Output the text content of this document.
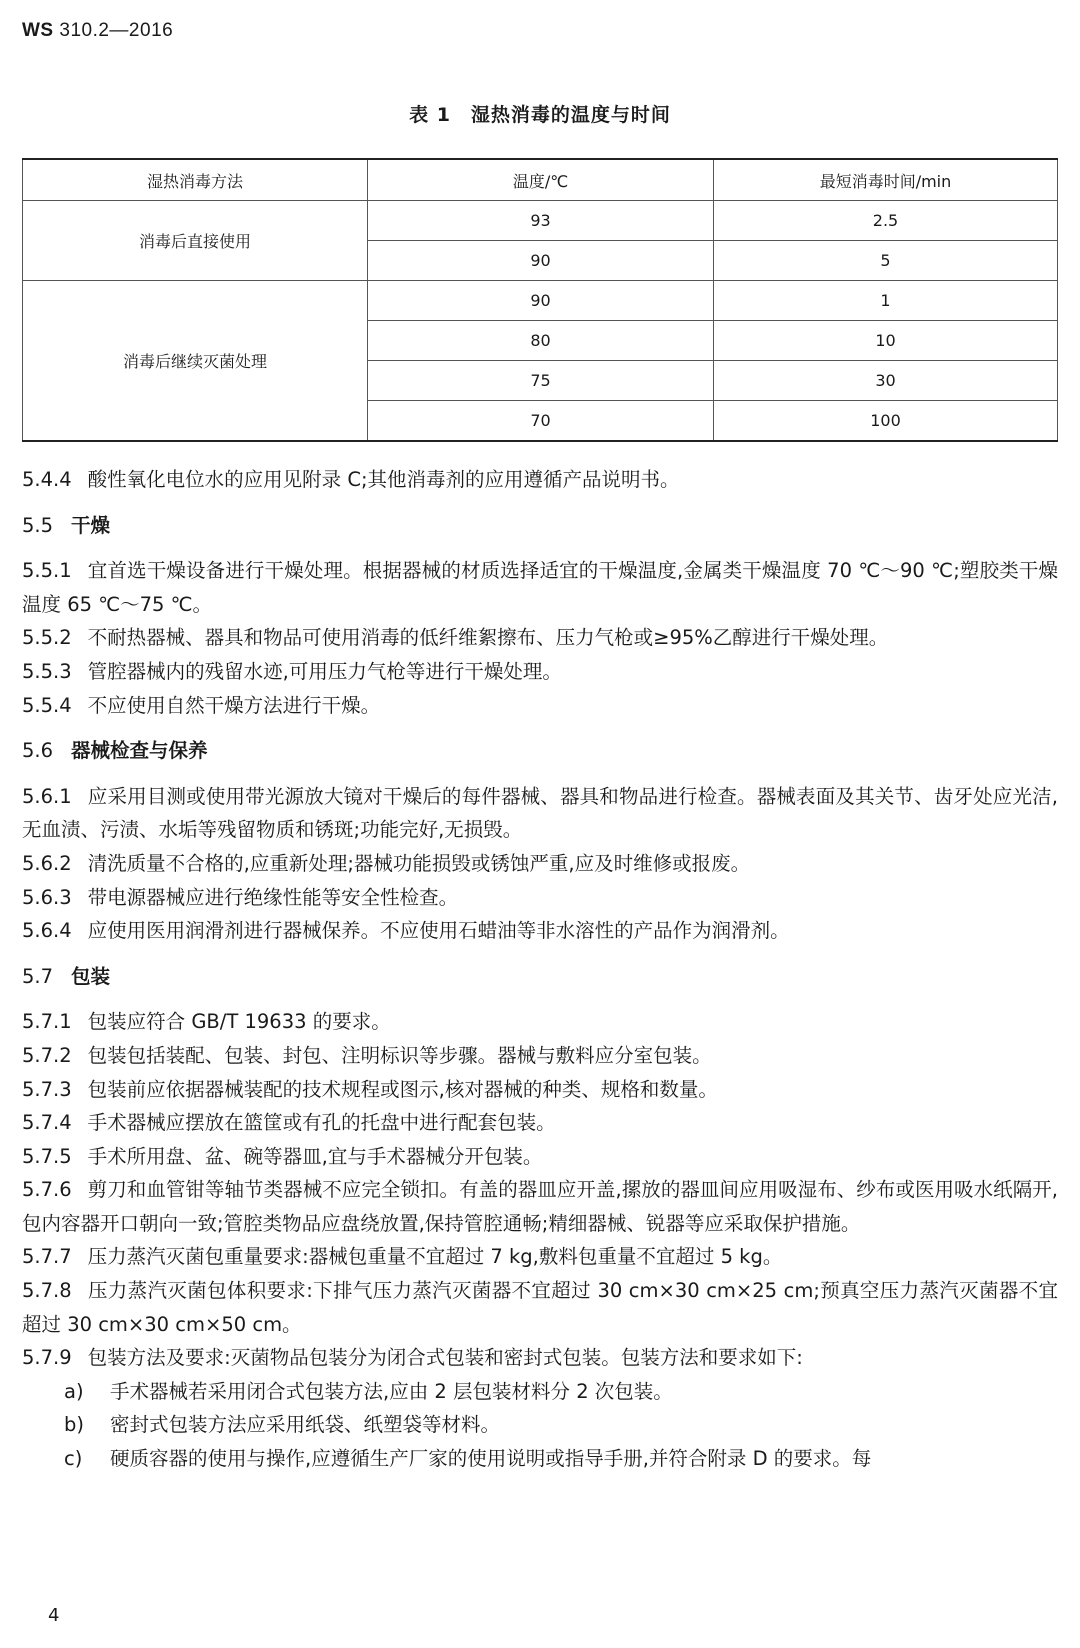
WS 310.2—2016
表 1　湿热消毒的温度与时间
湿热消毒方法	温度/℃	最短消毒时间/min
消毒后直接使用	93	2.5
	90	5
消毒后继续灭菌处理	90	1
	80	10
	75	30
	70	100

5.4.4 酸性氧化电位水的应用见附录 C;其他消毒剂的应用遵循产品说明书。

5.5 干燥

5.5.1 宜首选干燥设备进行干燥处理。根据器械的材质选择适宜的干燥温度,金属类干燥温度 70 ℃～90 ℃;塑胶类干燥温度 65 ℃～75 ℃。

5.5.2 不耐热器械、器具和物品可使用消毒的低纤维絮擦布、压力气枪或≥95%乙醇进行干燥处理。

5.5.3 管腔器械内的残留水迹,可用压力气枪等进行干燥处理。

5.5.4 不应使用自然干燥方法进行干燥。

5.6 器械检查与保养

5.6.1 应采用目测或使用带光源放大镜对干燥后的每件器械、器具和物品进行检查。器械表面及其关节、齿牙处应光洁,无血渍、污渍、水垢等残留物质和锈斑;功能完好,无损毁。

5.6.2 清洗质量不合格的,应重新处理;器械功能损毁或锈蚀严重,应及时维修或报废。

5.6.3 带电源器械应进行绝缘性能等安全性检查。

5.6.4 应使用医用润滑剂进行器械保养。不应使用石蜡油等非水溶性的产品作为润滑剂。

5.7 包装

5.7.1 包装应符合 GB/T 19633 的要求。

5.7.2 包装包括装配、包装、封包、注明标识等步骤。器械与敷料应分室包装。

5.7.3 包装前应依据器械装配的技术规程或图示,核对器械的种类、规格和数量。

5.7.4 手术器械应摆放在篮筐或有孔的托盘中进行配套包装。

5.7.5 手术所用盘、盆、碗等器皿,宜与手术器械分开包装。

5.7.6 剪刀和血管钳等轴节类器械不应完全锁扣。有盖的器皿应开盖,摞放的器皿间应用吸湿布、纱布或医用吸水纸隔开,包内容器开口朝向一致;管腔类物品应盘绕放置,保持管腔通畅;精细器械、锐器等应采取保护措施。

5.7.7 压力蒸汽灭菌包重量要求:器械包重量不宜超过 7 kg,敷料包重量不宜超过 5 kg。

5.7.8 压力蒸汽灭菌包体积要求:下排气压力蒸汽灭菌器不宜超过 30 cm×30 cm×25 cm;预真空压力蒸汽灭菌器不宜超过 30 cm×30 cm×50 cm。

5.7.9 包装方法及要求:灭菌物品包装分为闭合式包装和密封式包装。包装方法和要求如下:

a) 手术器械若采用闭合式包装方法,应由 2 层包装材料分 2 次包装。

b) 密封式包装方法应采用纸袋、纸塑袋等材料。

c) 硬质容器的使用与操作,应遵循生产厂家的使用说明或指导手册,并符合附录 D 的要求。每

4
